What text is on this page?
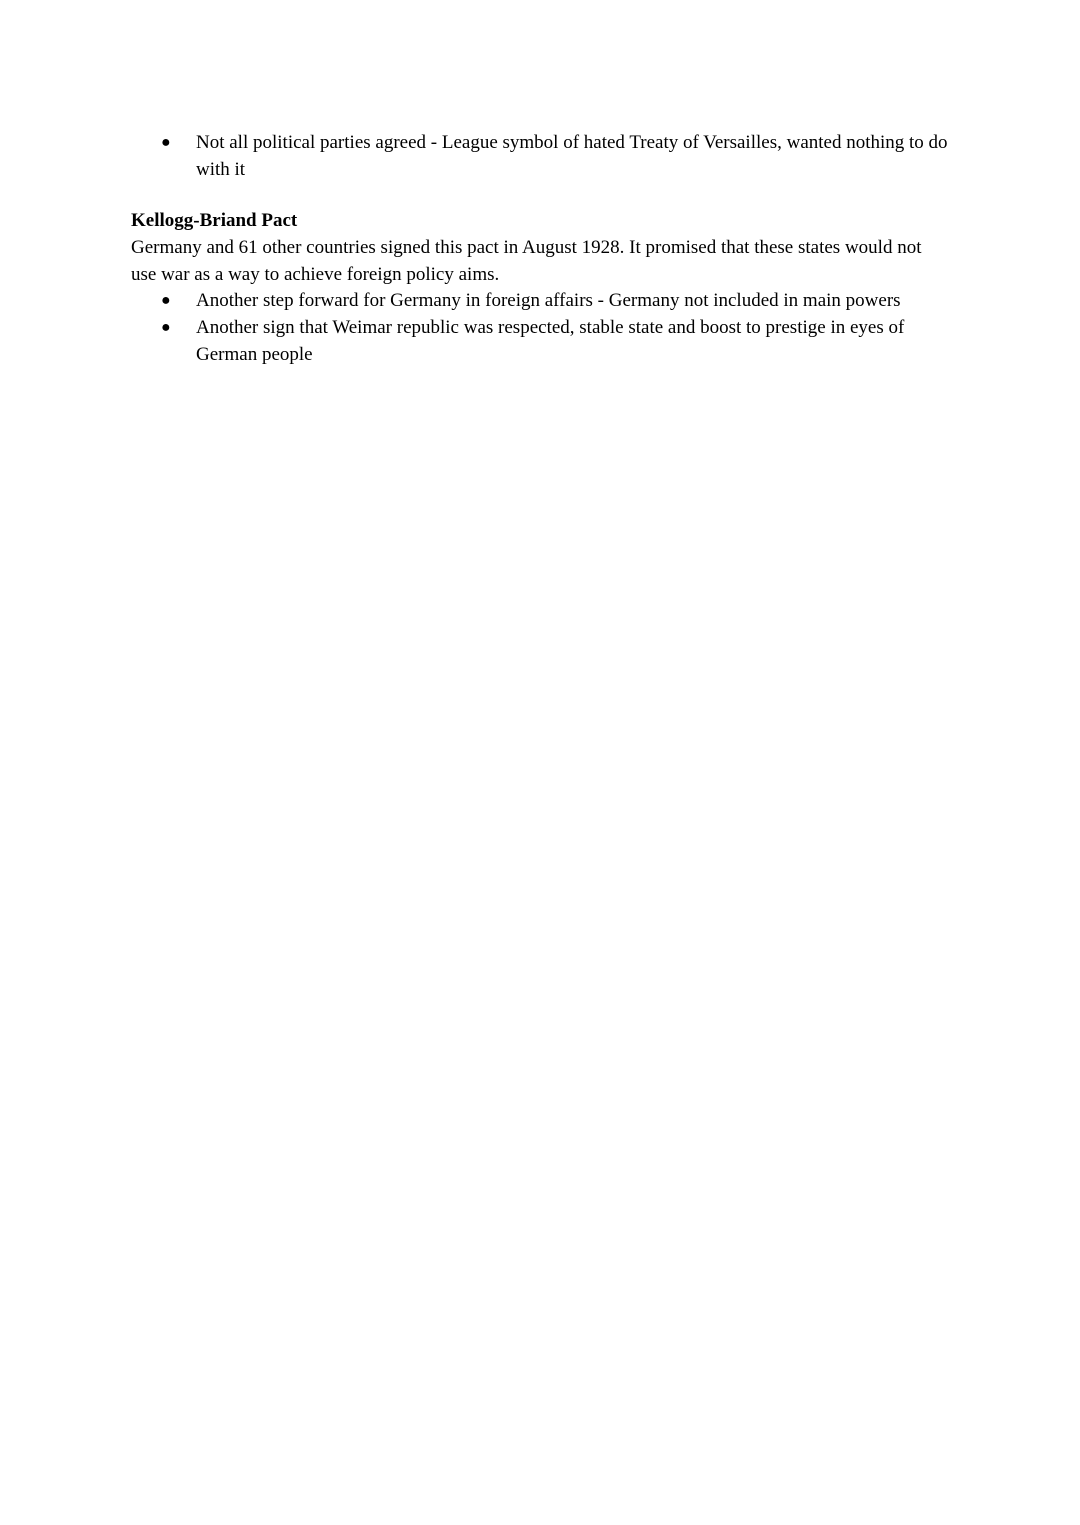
●	Not all political parties agreed - League symbol of hated Treaty of Versailles, wanted nothing to do with it
Kellogg-Briand Pact
Germany and 61 other countries signed this pact in August 1928. It promised that these states would not use war as a way to achieve foreign policy aims.
●	Another step forward for Germany in foreign affairs - Germany not included in main powers
●	Another sign that Weimar republic was respected, stable state and boost to prestige in eyes of German people
